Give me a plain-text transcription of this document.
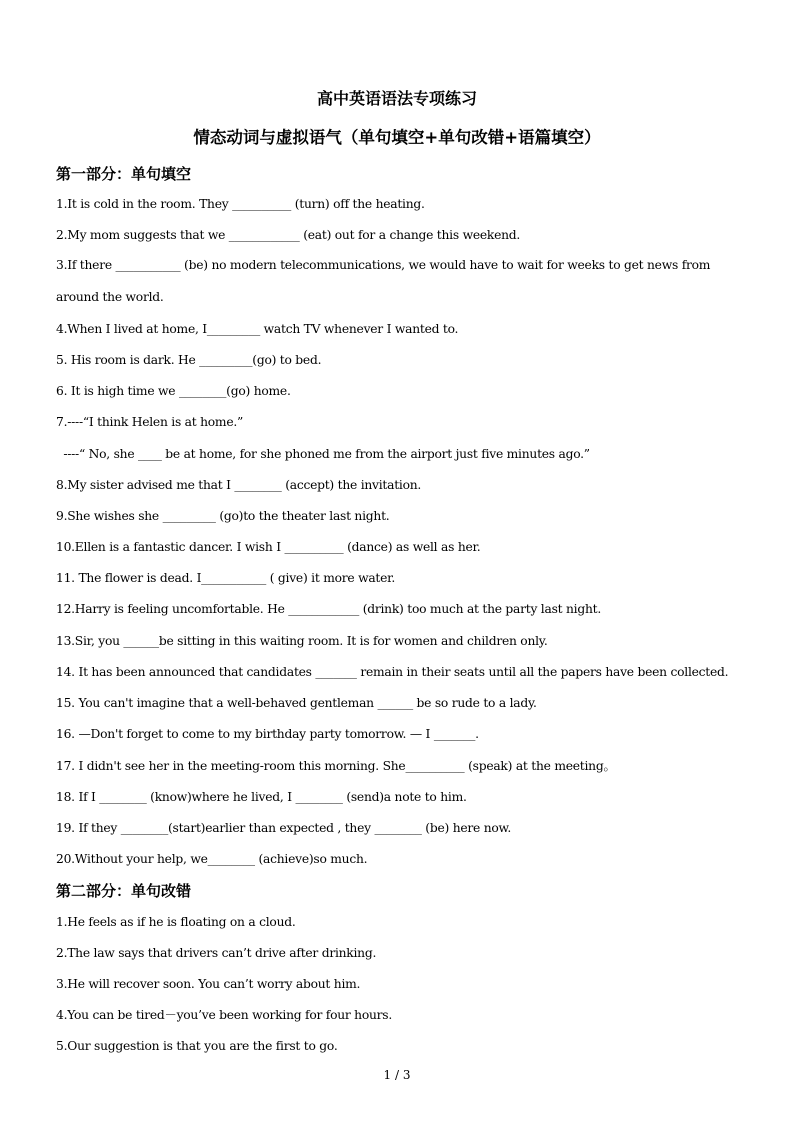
高中英语语法专项练习
情态动词与虚拟语气（单句填空+单句改错+语篇填空）
第一部分：单句填空
1.It is cold in the room. They __________ (turn) off the heating.
2.My mom suggests that we ____________ (eat) out for a change this weekend.
3.If there ___________ (be) no modern telecommunications, we would have to wait for weeks to get news from around the world.
4.When I lived at home, I_________ watch TV whenever I wanted to.
5. His room is dark. He _________(go) to bed.
6. It is high time we ________(go) home.
7.----“I think Helen is at home.”
----“ No, she ____ be at home, for she phoned me from the airport just five minutes ago.”
8.My sister advised me that I ________ (accept) the invitation.
9.She wishes she _________ (go)to the theater last night.
10.Ellen is a fantastic dancer. I wish I __________ (dance) as well as her.
11. The flower is dead. I___________ ( give) it more water.
12.Harry is feeling uncomfortable. He ____________ (drink) too much at the party last night.
13.Sir, you ______be sitting in this waiting room. It is for women and children only.
14. It has been announced that candidates _______ remain in their seats until all the papers have been collected.
15. You can't imagine that a well-behaved gentleman ______ be so rude to a lady.
16. —Don't forget to come to my birthday party tomorrow. — I _______.
17. I didn't see her in the meeting-room this morning. She__________ (speak) at the meeting。
18. If I ________ (know)where he lived, I ________ (send)a note to him.
19. If they ________(start)earlier than expected , they ________ (be) here now.
20.Without your help, we________ (achieve)so much.
第二部分：单句改错
1.He feels as if he is floating on a cloud.
2.The law says that drivers can’t drive after drinking.
3.He will recover soon. You can’t worry about him.
4.You can be tired－you’ve been working for four hours.
5.Our suggestion is that you are the first to go.
1 / 3
